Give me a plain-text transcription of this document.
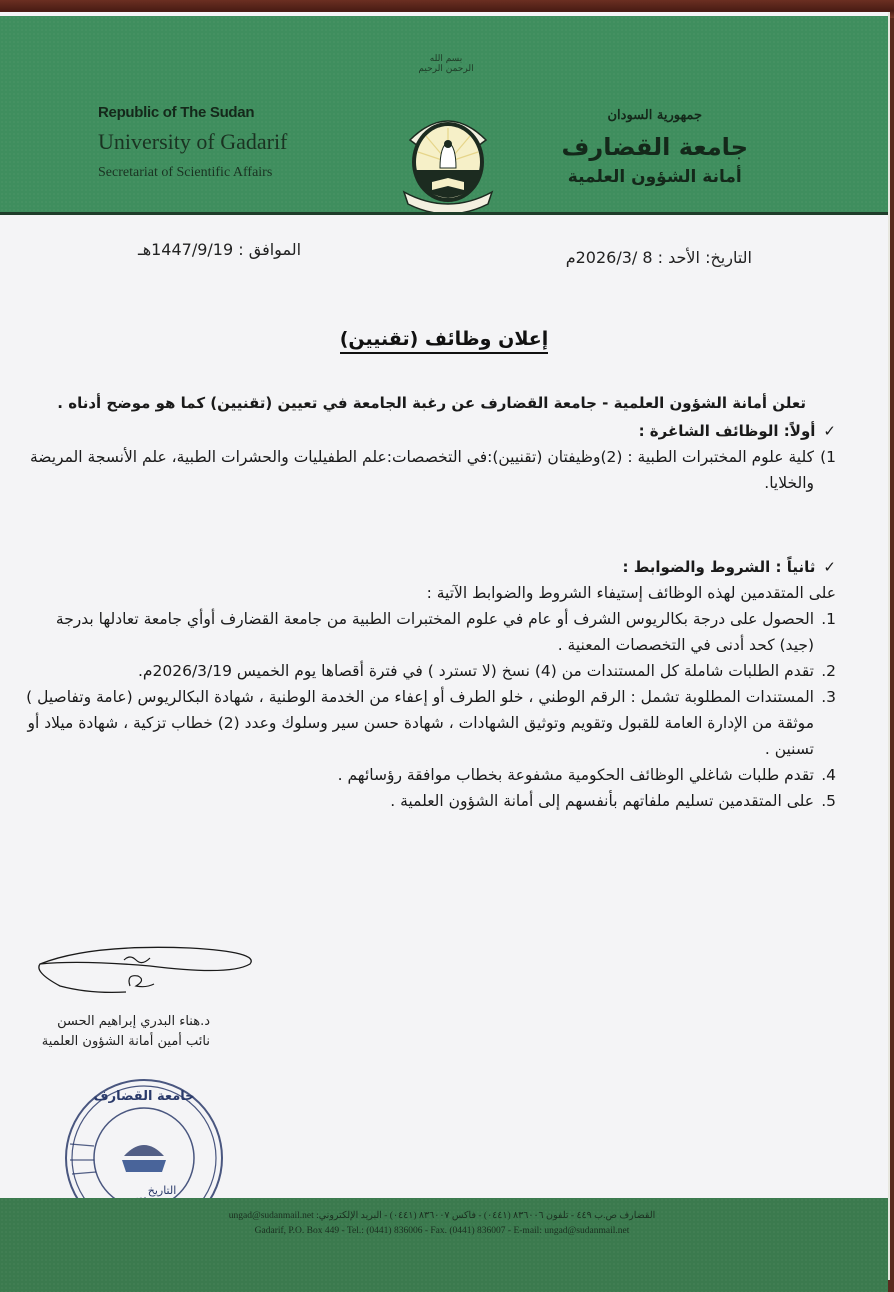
بسم الله الرحمن الرحيم
Republic of The Sudan
University of Gadarif
Secretariat of Scientific Affairs
جمهورية السودان
جامعة القضارف
أمانة الشؤون العلمية
التاريخ: الأحد : 8 /2026/3م
الموافق : 1447/9/19هـ
إعلان وظائف (تقنيين)
تعلن أمانة الشؤون العلمية - جامعة القضارف عن رغبة الجامعة في تعيين (تقنيين) كما هو موضح أدناه .
✓أولاً: الوظائف الشاغرة :
1)
كلية علوم المختبرات الطبية : (2)وظيفتان (تقنيين):في التخصصات:علم الطفيليات والحشرات الطبية، علم الأنسجة المريضة والخلايا.
✓ثانياً : الشروط والضوابط :
على المتقدمين لهذه الوظائف إستيفاء الشروط والضوابط الآتية :
1.
الحصول على درجة بكالريوس الشرف أو عام في علوم المختبرات الطبية من جامعة القضارف أوأي جامعة تعادلها بدرجة (جيد) كحد أدنى في التخصصات المعنية .
2.
تقدم الطلبات شاملة كل المستندات من (4) نسخ (لا تسترد ) في فترة أقصاها يوم الخميس 2026/3/19م.
3.
المستندات المطلوبة تشمل : الرقم الوطني ، خلو الطرف أو إعفاء من الخدمة الوطنية ، شهادة البكالريوس (عامة وتفاصيل ) موثقة من الإدارة العامة للقبول وتقويم وتوثيق الشهادات ، شهادة حسن سير وسلوك وعدد (2) خطاب تزكية ، شهادة ميلاد أو تسنين .
4.
تقدم طلبات شاغلي الوظائف الحكومية مشفوعة بخطاب موافقة رؤسائهم .
5.
على المتقدمين تسليم ملفاتهم بأنفسهم إلى أمانة الشؤون العلمية .
د.هناء البدري إبراهيم الحسن
نائب أمين أمانة الشؤون العلمية
جامعة القضارف
التاريخ
القضارف ص.ب ٤٤٩ - تلفون ٨٣٦٠٠٦ (٠٤٤١) - فاكس ٨٣٦٠٠٧ (٠٤٤١) - البريد الإلكتروني: ungad@sudanmail.net
Gadarif, P.O. Box 449 - Tel.: (0441) 836006 - Fax. (0441) 836007 - E-mail: ungad@sudanmail.net
